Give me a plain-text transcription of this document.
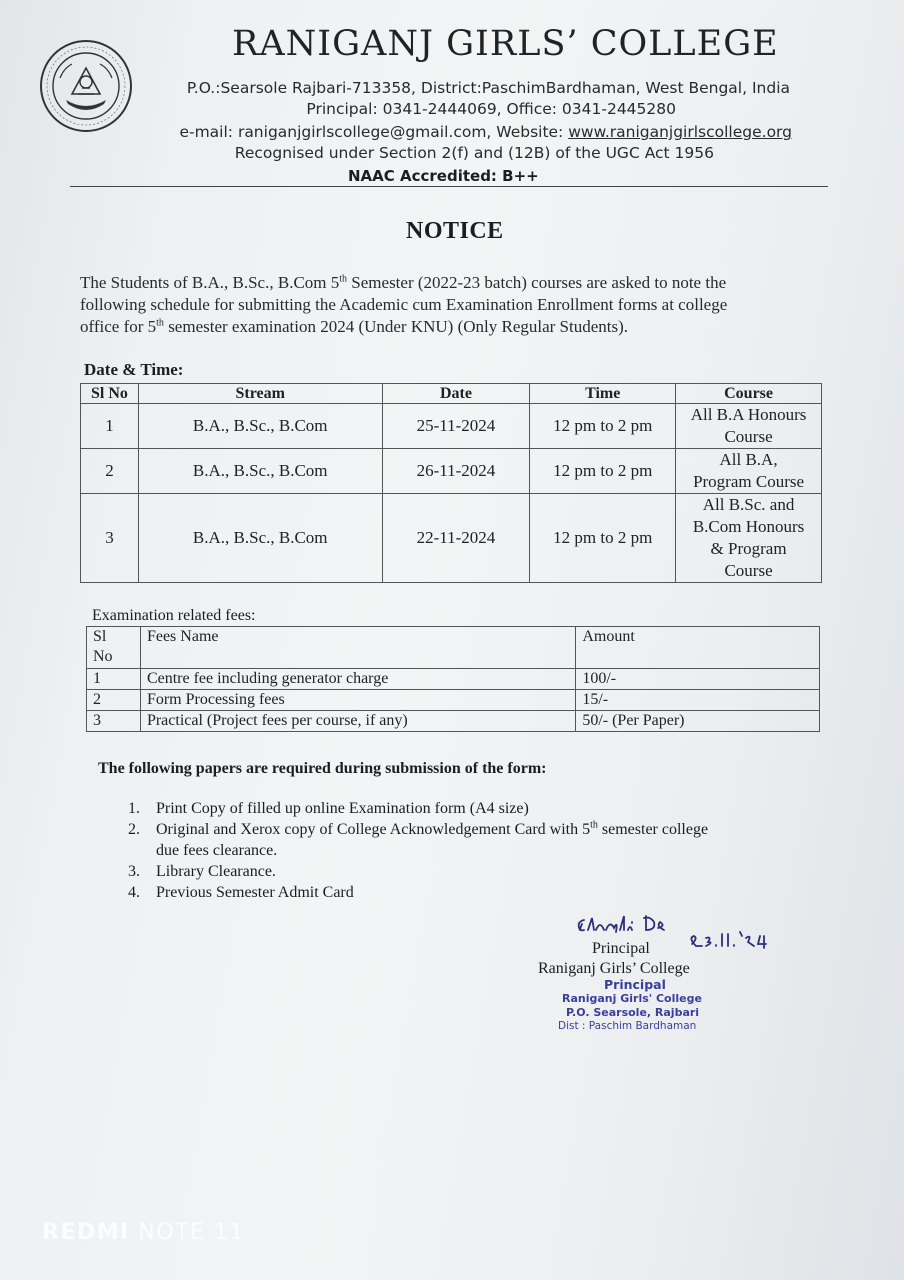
RANIGANJ GIRLS’ COLLEGE
P.O.:Searsole Rajbari-713358, District:PaschimBardhaman, West Bengal, India
Principal: 0341-2444069, Office: 0341-2445280
e-mail: raniganjgirlscollege@gmail.com, Website: www.raniganjgirlscollege.org
Recognised under Section 2(f) and (12B) of the UGC Act 1956
NAAC Accredited: B++
NOTICE
The Students of B.A., B.Sc., B.Com 5th Semester (2022-23 batch) courses are asked to note the
following schedule for submitting the Academic cum Examination Enrollment forms at college
office for 5th semester examination 2024 (Under KNU) (Only Regular Students).
Date & Time:
Sl No	Stream	Date	Time	Course
1	B.A., B.Sc., B.Com	25-11-2024	12 pm to 2 pm	All B.A Honours
Course

2	B.A., B.Sc., B.Com	26-11-2024	12 pm to 2 pm	All B.A,
Program Course

3	B.A., B.Sc., B.Com	22-11-2024	12 pm to 2 pm	All B.Sc. and
B.Com Honours
& Program
Course
Examination related fees:
Sl
No	Fees Name	Amount
1	Centre fee including generator charge	100/-
2	Form Processing fees	15/-
3	Practical (Project fees per course, if any)	50/- (Per Paper)
The following papers are required during submission of the form:
1. Print Copy of filled up online Examination form (A4 size)
2. Original and Xerox copy of College Acknowledgement Card with 5th semester college
due fees clearance.
3. Library Clearance.
4. Previous Semester Admit Card
Principal
Raniganj Girls’ College
Principal
Raniganj Girls' College
P.O. Searsole, Rajbari
Dist : Paschim Bardhaman
REDMI NOTE 11
